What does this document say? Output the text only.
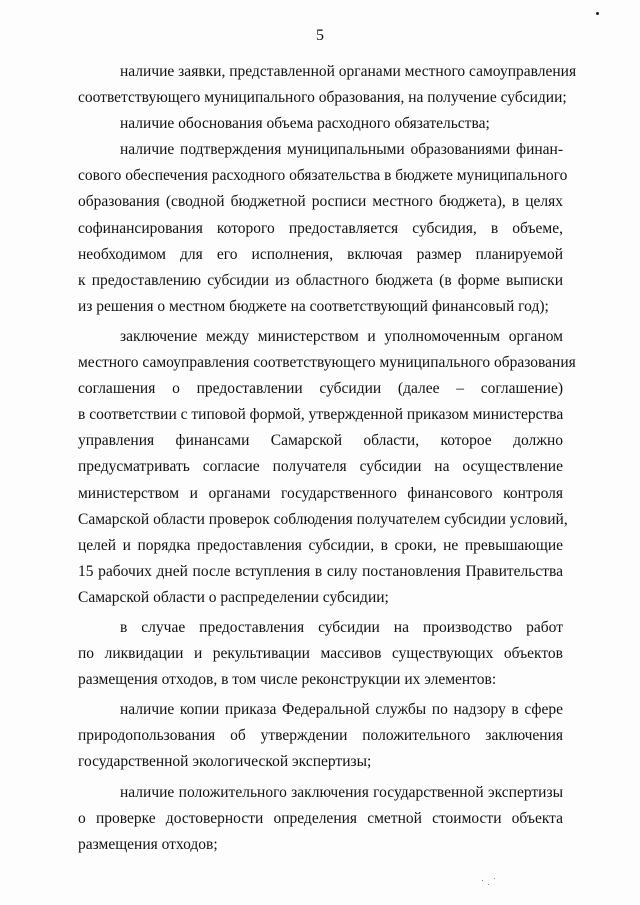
5
наличие заявки, представленной органами местного самоуправления
соответствующего муниципального образования, на получение субсидии;
наличие обоснования объема расходного обязательства;
наличие подтверждения муниципальными образованиями финан-
сового обеспечения расходного обязательства в бюджете муниципального
образования (сводной бюджетной росписи местного бюджета), в целях
софинансирования которого предоставляется субсидия, в объеме,
необходимом для его исполнения, включая размер планируемой
к предоставлению субсидии из областного бюджета (в форме выписки
из решения о местном бюджете на соответствующий финансовый год);
заключение между министерством и уполномоченным органом
местного самоуправления соответствующего муниципального образования
соглашения о предоставлении субсидии (далее – соглашение)
в соответствии с типовой формой, утвержденной приказом министерства
управления финансами Самарской области, которое должно
предусматривать согласие получателя субсидии на осуществление
министерством и органами государственного финансового контроля
Самарской области проверок соблюдения получателем субсидии условий,
целей и порядка предоставления субсидии, в сроки, не превышающие
15 рабочих дней после вступления в силу постановления Правительства
Самарской области о распределении субсидии;
в случае предоставления субсидии на производство работ
по ликвидации и рекультивации массивов существующих объектов
размещения отходов, в том числе реконструкции их элементов:
наличие копии приказа Федеральной службы по надзору в сфере
природопользования об утверждении положительного заключения
государственной экологической экспертизы;
наличие положительного заключения государственной экспертизы
о проверке достоверности определения сметной стоимости объекта
размещения отходов;
